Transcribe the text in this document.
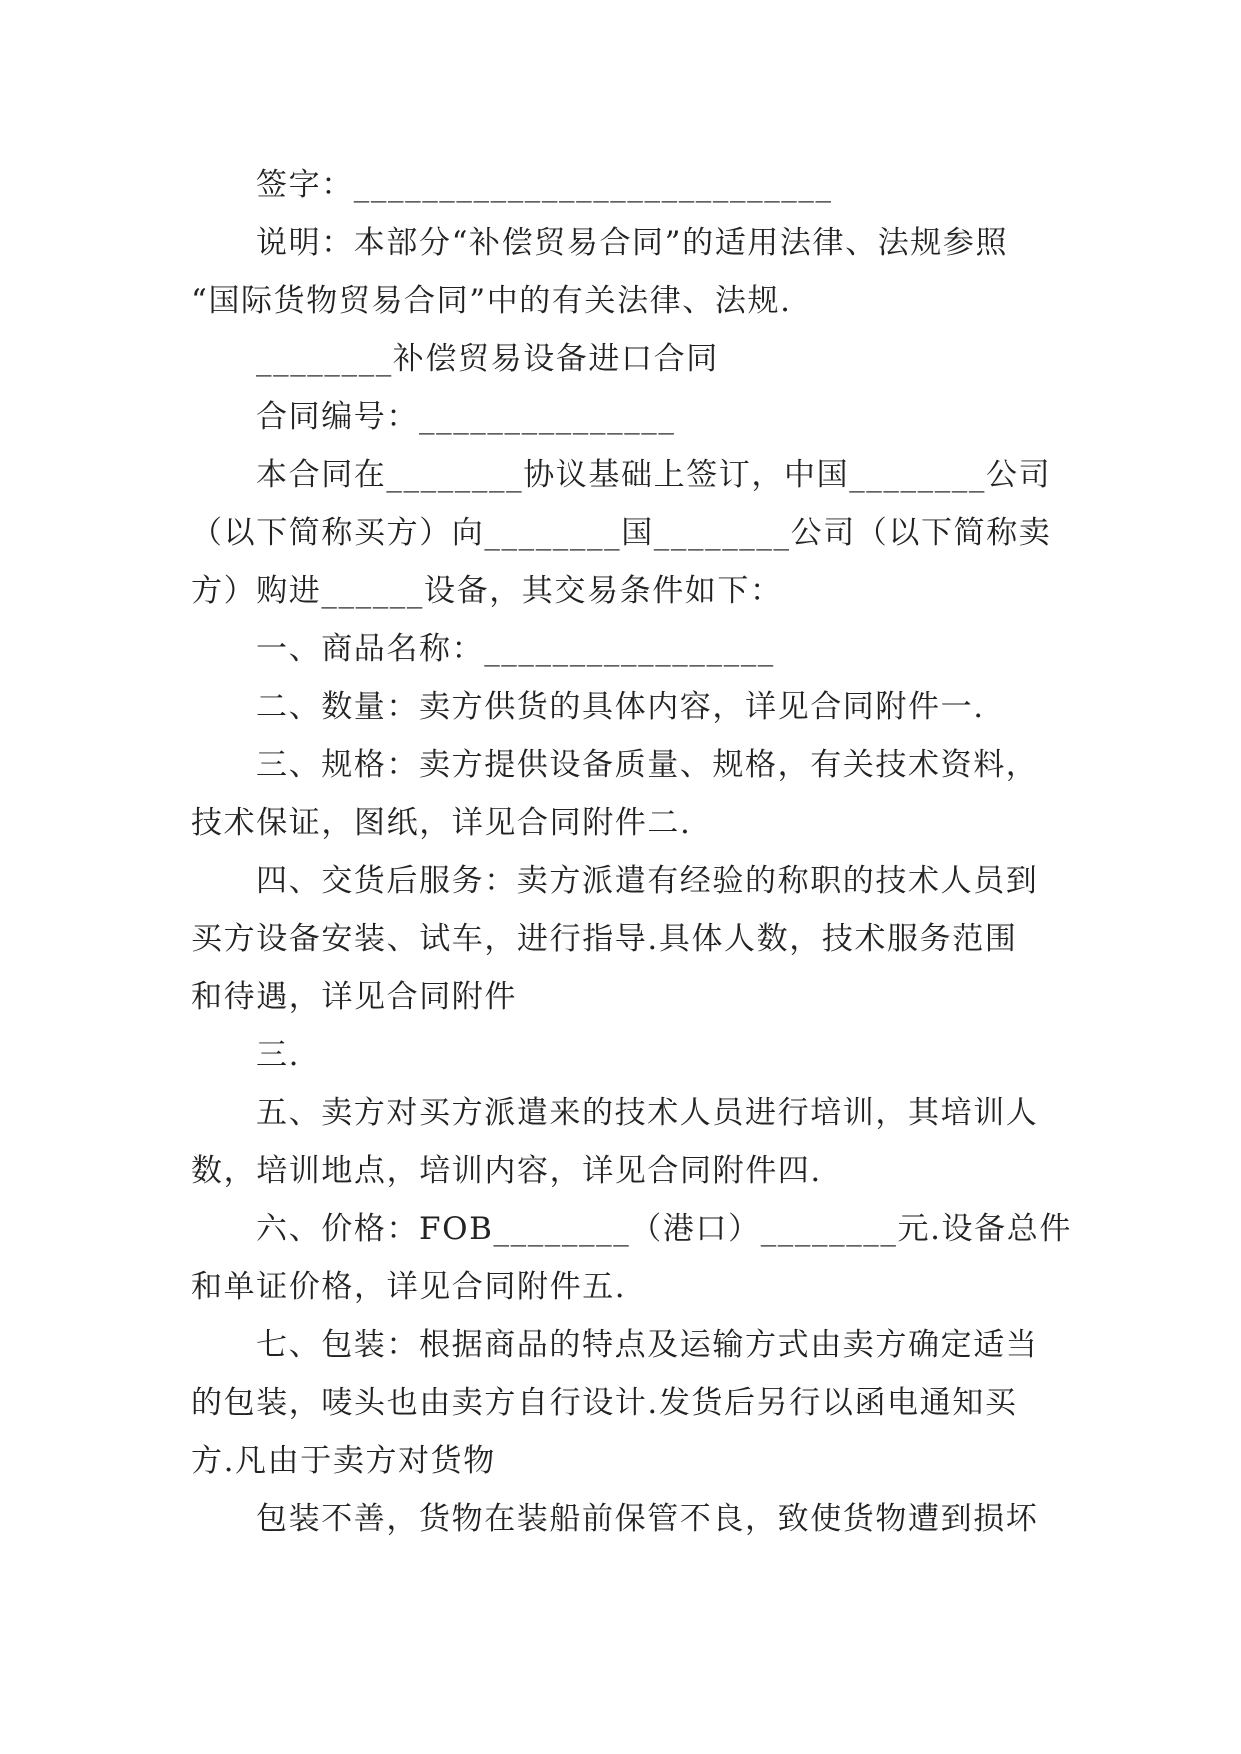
签字：____________________________

说明：本部分“补偿贸易合同”的适用法律、法规参照

“国际货物贸易合同”中的有关法律、法规.

________补偿贸易设备进口合同

合同编号：_______________

本合同在________协议基础上签订，中国________公司

（以下简称买方）向________国________公司（以下简称卖

方）购进______设备，其交易条件如下：

一、商品名称：_________________

二、数量：卖方供货的具体内容，详见合同附件一.

三、规格：卖方提供设备质量、规格，有关技术资料，

技术保证，图纸，详见合同附件二.

四、交货后服务：卖方派遣有经验的称职的技术人员到

买方设备安装、试车，进行指导.具体人数，技术服务范围

和待遇，详见合同附件

三.

五、卖方对买方派遣来的技术人员进行培训，其培训人

数，培训地点，培训内容，详见合同附件四.

六、价格：FOB________（港口）________元.设备总件

和单证价格，详见合同附件五.

七、包装：根据商品的特点及运输方式由卖方确定适当

的包装，唛头也由卖方自行设计.发货后另行以函电通知买

方.凡由于卖方对货物

包装不善，货物在装船前保管不良，致使货物遭到损坏
